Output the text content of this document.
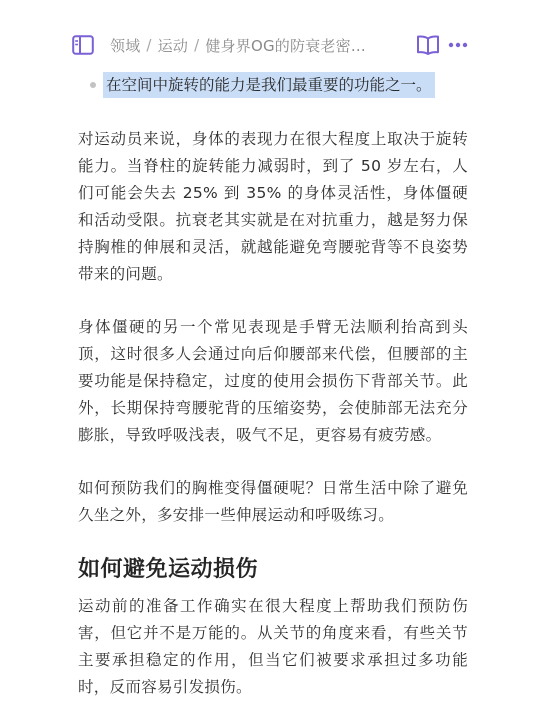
领域 / 运动 / 健身界OG的防衰老密…
在空间中旋转的能力是我们最重要的功能之一。

对运动员来说，身体的表现力在很大程度上取决于旋转能力。当脊柱的旋转能力减弱时，到了 50 岁左右，人们可能会失去 25% 到 35% 的身体灵活性，身体僵硬和活动受限。抗衰老其实就是在对抗重力，越是努力保持胸椎的伸展和灵活，就越能避免弯腰驼背等不良姿势带来的问题。

身体僵硬的另一个常见表现是手臂无法顺利抬高到头顶，这时很多人会通过向后仰腰部来代偿，但腰部的主要功能是保持稳定，过度的使用会损伤下背部关节。此外，长期保持弯腰驼背的压缩姿势，会使肺部无法充分膨胀，导致呼吸浅表，吸气不足，更容易有疲劳感。

如何预防我们的胸椎变得僵硬呢？日常生活中除了避免久坐之外，多安排一些伸展运动和呼吸练习。

如何避免运动损伤

运动前的准备工作确实在很大程度上帮助我们预防伤害，但它并不是万能的。从关节的角度来看，有些关节主要承担稳定的作用，但当它们被要求承担过多功能时，反而容易引发损伤。
